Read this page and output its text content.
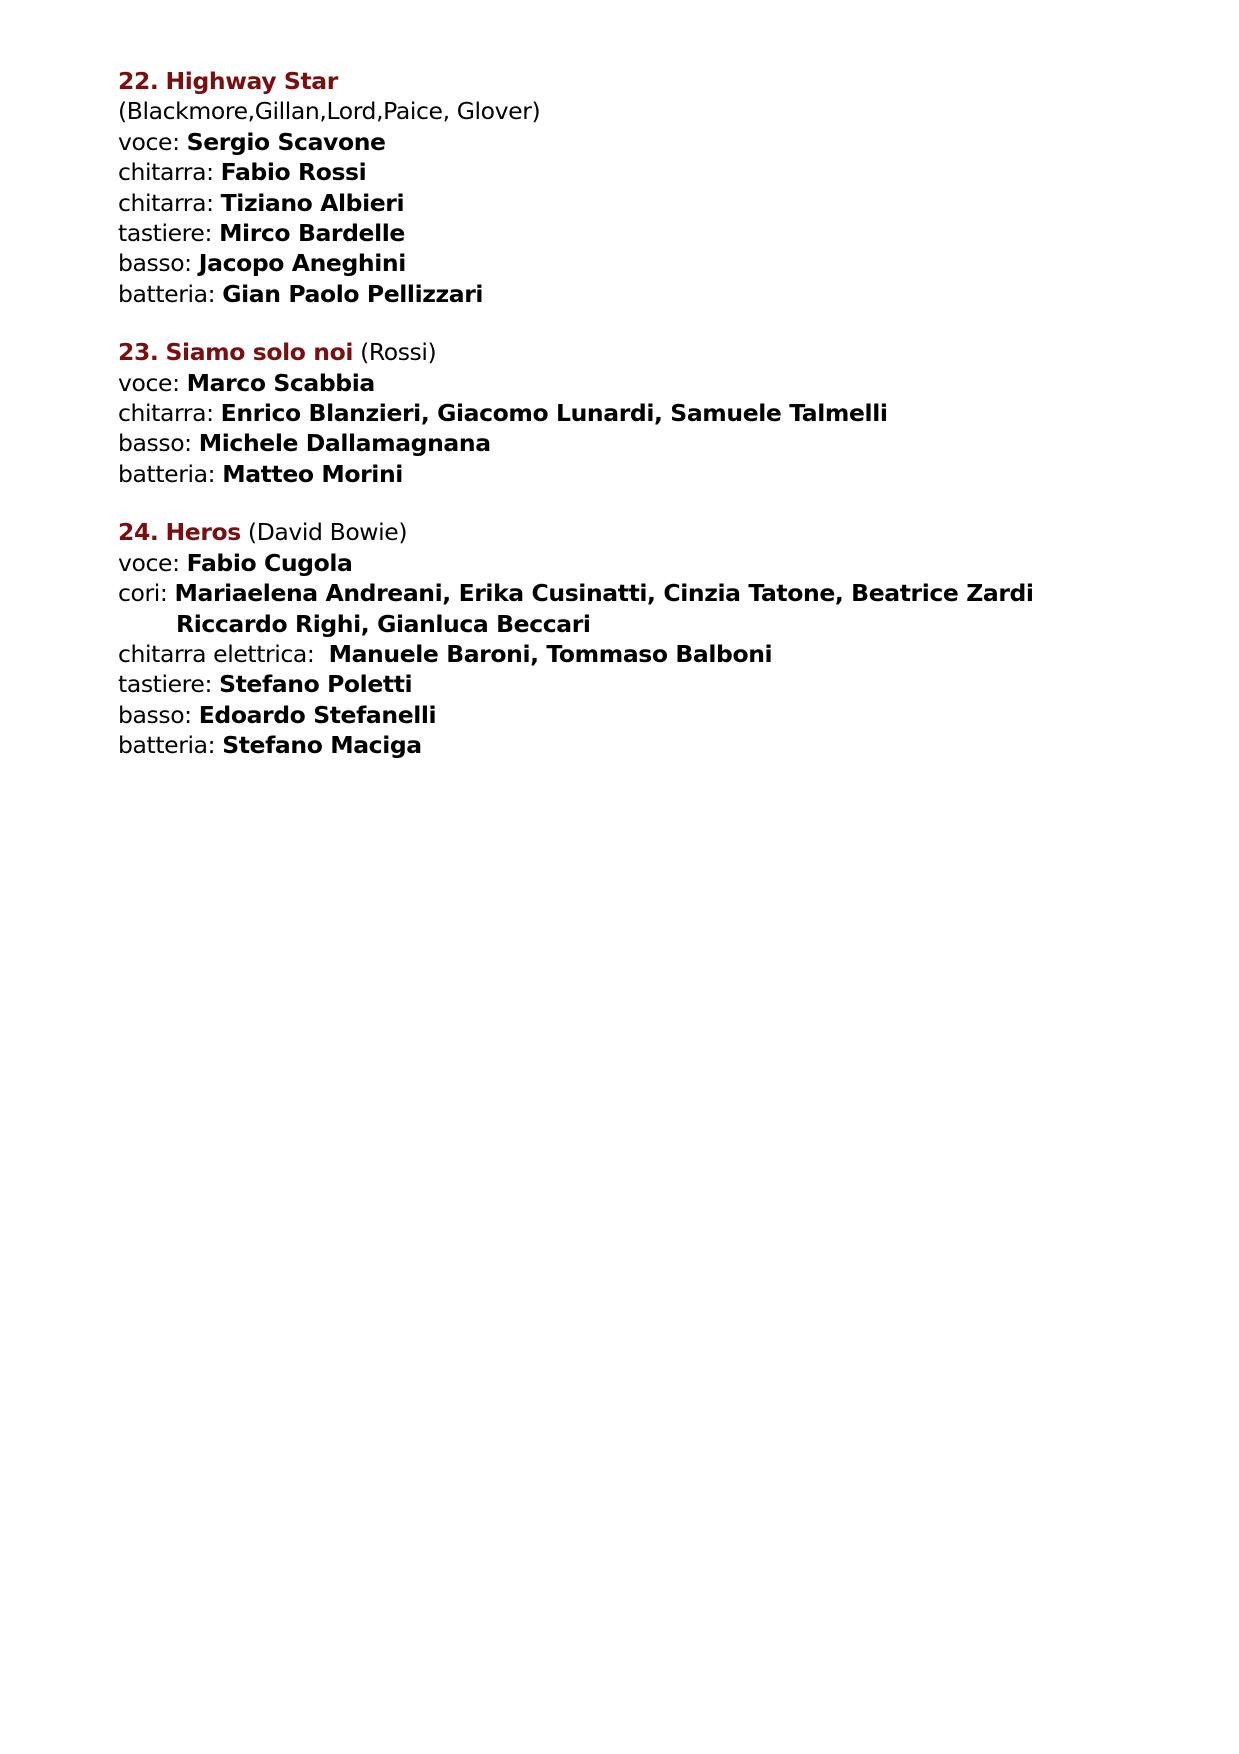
22. Highway Star
(Blackmore,Gillan,Lord,Paice, Glover)
voce: Sergio Scavone
chitarra: Fabio Rossi
chitarra: Tiziano Albieri
tastiere: Mirco Bardelle
basso: Jacopo Aneghini
batteria: Gian Paolo Pellizzari
23. Siamo solo noi (Rossi)
voce: Marco Scabbia
chitarra: Enrico Blanzieri, Giacomo Lunardi, Samuele Talmelli
basso: Michele Dallamagnana
batteria: Matteo Morini
24. Heros (David Bowie)
voce: Fabio Cugola
cori: Mariaelena Andreani, Erika Cusinatti, Cinzia Tatone, Beatrice Zardi
Riccardo Righi, Gianluca Beccari
chitarra elettrica: Manuele Baroni, Tommaso Balboni
tastiere: Stefano Poletti
basso: Edoardo Stefanelli
batteria: Stefano Maciga
